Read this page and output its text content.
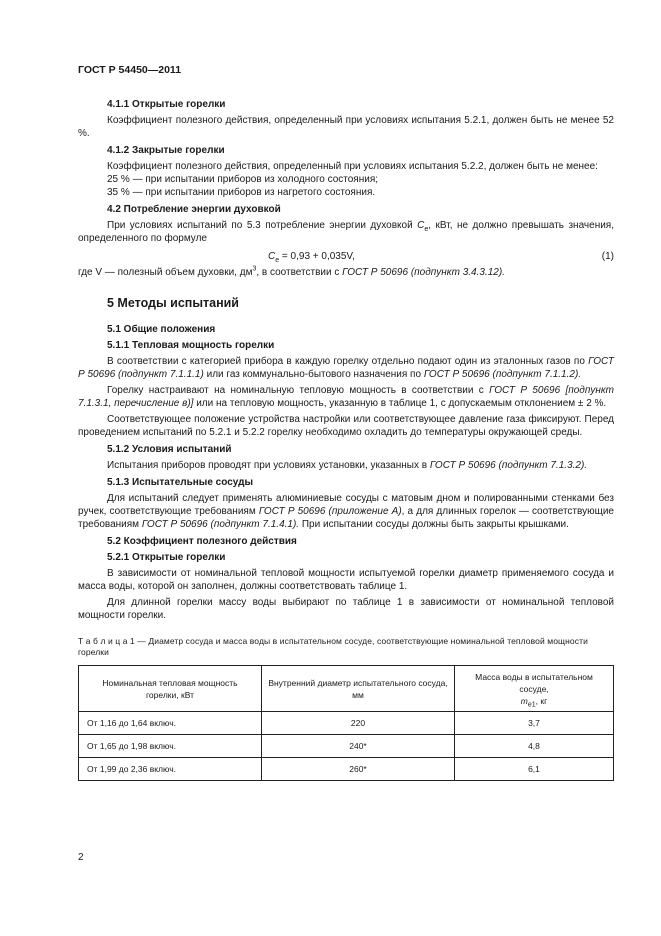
ГОСТ Р 54450—2011
4.1.1 Открытые горелки
Коэффициент полезного действия, определенный при условиях испытания 5.2.1, должен быть не менее 52 %.
4.1.2 Закрытые горелки
Коэффициент полезного действия, определенный при условиях испытания 5.2.2, должен быть не менее:
25 % — при испытании приборов из холодного состояния;
35 % — при испытании приборов из нагретого состояния.
4.2 Потребление энергии духовкой
При условиях испытаний по 5.3 потребление энергии духовкой $C_e$, кВт, не должно превышать значения, определенного по формуле
$C_e = 0,93 + 0,035V$,	(1)
где V — полезный объем духовки, $дм^3$, в соответствии с ГОСТ Р 50696 (подпункт 3.4.3.12).
5 Методы испытаний
5.1 Общие положения
5.1.1 Тепловая мощность горелки
В соответствии с категорией прибора в каждую горелку отдельно подают один из эталонных газов по ГОСТ Р 50696 (подпункт 7.1.1.1) или газ коммунально-бытового назначения по ГОСТ Р 50696 (подпункт 7.1.1.2).
Горелку настраивают на номинальную тепловую мощность в соответствии с ГОСТ Р 50696 [подпункт 7.1.3.1, перечисление в)] или на тепловую мощность, указанную в таблице 1, с допускаемым отклонением ± 2 %.
Соответствующее положение устройства настройки или соответствующее давление газа фиксируют. Перед проведением испытаний по 5.2.1 и 5.2.2 горелку необходимо охладить до температуры окружающей среды.
5.1.2 Условия испытаний
Испытания приборов проводят при условиях установки, указанных в ГОСТ Р 50696 (подпункт 7.1.3.2).
5.1.3 Испытательные сосуды
Для испытаний следует применять алюминиевые сосуды с матовым дном и полированными стенками без ручек, соответствующие требованиям ГОСТ Р 50696 (приложение А), а для длинных горелок — соответствующие требованиям ГОСТ Р 50696 (подпункт 7.1.4.1). При испытании сосуды должны быть закрыты крышками.
5.2 Коэффициент полезного действия
5.2.1 Открытые горелки
В зависимости от номинальной тепловой мощности испытуемой горелки диаметр применяемого сосуда и масса воды, которой он заполнен, должны соответствовать таблице 1.
Для длинной горелки массу воды выбирают по таблице 1 в зависимости от номинальной тепловой мощности горелки.
Т а б л и ц а 1 — Диаметр сосуда и масса воды в испытательном сосуде, соответствующие номинальной тепловой мощности горелки
Номинальная тепловая мощность горелки, кВт	Внутренний диаметр испытательного сосуда, мм	Масса воды в испытательном сосуде,
$m_{e1}$, кг
От 1,16 до 1,64 включ.	220	3,7
От 1,65 до 1,98 включ.	240*	4,8
От 1,99 до 2,36 включ.	260*	6,1
2
